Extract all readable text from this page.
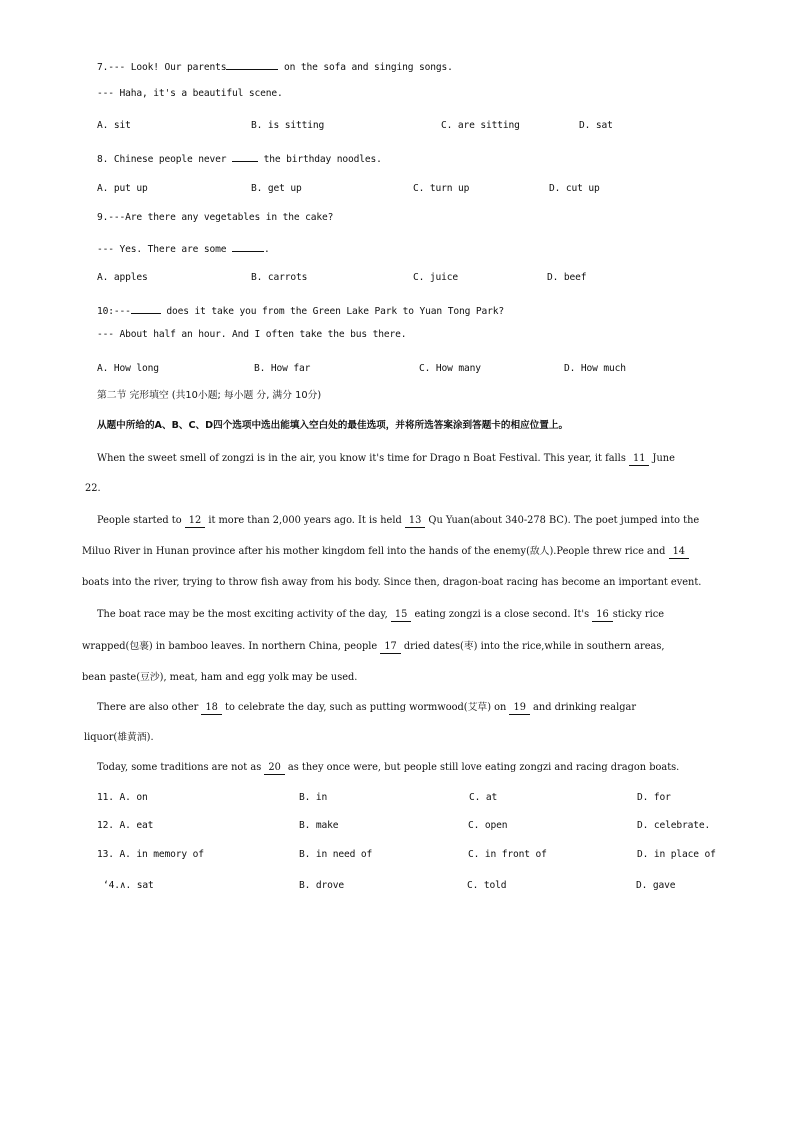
7.--- Look! Our parents	on the sofa and singing songs.
--- Haha, it's a beautiful scene.
A. sit	B. is sitting	C. are sitting	D. sat
8. Chinese people never	the birthday noodles.
A. put up	B. get up	C. turn up	D. cut up
9.---Are there any vegetables in the cake?
--- Yes. There are some	.
A. apples	B. carrots	C. juice	D. beef
10:---	does it take you from the Green Lake Park to Yuan Tong Park?
--- About half an hour. And I often take the bus there.
A. How long	B. How far	C. How many	D. How much
第二节 完形填空 (共10小题; 每小题 分, 满分 10分)
从题中所给的A、B、C、D四个选项中选出能填入空白处的最佳选项，并将所选答案涂到答题卡的相应位置上。
When the sweet smell of zongzi is in the air, you know it's time for Drago n Boat Festival. This year, it falls 11 June
22.
People started to 12 it more than 2,000 years ago. It is held 13 Qu Yuan(about 340-278 BC). The poet jumped into the
Miluo River in Hunan province after his mother kingdom fell into the hands of the enemy(敌人).People threw rice and 14
boats into the river, trying to throw fish away from his body. Since then, dragon-boat racing has become an important event.
The boat race may be the most exciting activity of the day, 15 eating zongzi is a close second. It's 16 sticky rice
wrapped(包裹) in bamboo leaves. In northern China, people 17 dried dates(枣) into the rice,while in southern areas,
bean paste(豆沙), meat, ham and egg yolk may be used.
There are also other 18 to celebrate the day, such as putting wormwood(艾草) on 19 and drinking realgar
liquor(雄黄酒).
Today, some traditions are not as 20 as they once were, but people still love eating zongzi and racing dragon boats.
11. A. on	B. in	C. at	D. for
12. A. eat	B. make	C. open	D. celebrate.
13. A. in memory of	B. in need of	C. in front of	D. in place of
‘4.∧. sat	B. drove	C. told	D. gave
